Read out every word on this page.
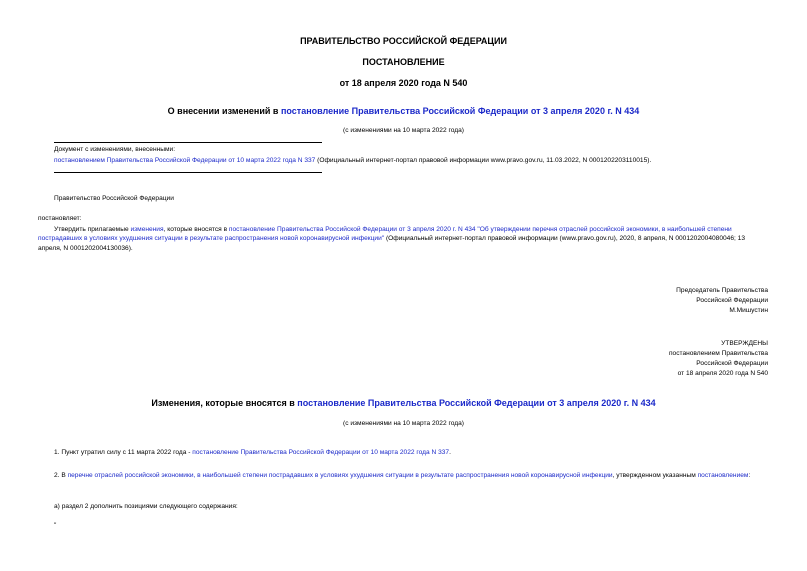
ПРАВИТЕЛЬСТВО РОССИЙСКОЙ ФЕДЕРАЦИИ
ПОСТАНОВЛЕНИЕ
от 18 апреля 2020 года N 540
О внесении изменений в постановление Правительства Российской Федерации от 3 апреля 2020 г. N 434
(с изменениями на 10 марта 2022 года)
Документ с изменениями, внесенными:
постановлением Правительства Российской Федерации от 10 марта 2022 года N 337 (Официальный интернет-портал правовой информации www.pravo.gov.ru, 11.03.2022, N 0001202203110015).
Правительство Российской Федерации
постановляет:
Утвердить прилагаемые изменения, которые вносятся в постановление Правительства Российской Федерации от 3 апреля 2020 г. N 434 "Об утверждении перечня отраслей российской экономики, в наибольшей степени пострадавших в условиях ухудшения ситуации в результате распространения новой коронавирусной инфекции" (Официальный интернет-портал правовой информации (www.pravo.gov.ru), 2020, 8 апреля, N 0001202004080046; 13 апреля, N 0001202004130036).
Председатель Правительства
Российской Федерации
М.Мишустин
УТВЕРЖДЕНЫ
постановлением Правительства
Российской Федерации
от 18 апреля 2020 года N 540
Изменения, которые вносятся в постановление Правительства Российской Федерации от 3 апреля 2020 г. N 434
(с изменениями на 10 марта 2022 года)
1. Пункт утратил силу с 11 марта 2022 года - постановление Правительства Российской Федерации от 10 марта 2022 года N 337.
2. В перечне отраслей российской экономики, в наибольшей степени пострадавших в условиях ухудшения ситуации в результате распространения новой коронавирусной инфекции, утвержденном указанным постановлением:
а) раздел 2 дополнить позициями следующего содержания:
"
